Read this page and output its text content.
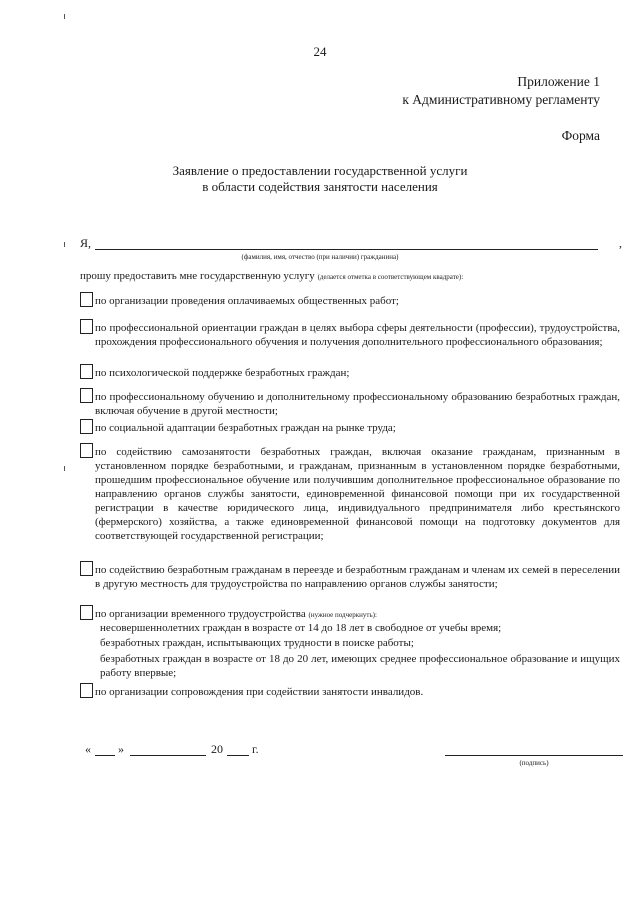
24
Приложение 1
к Административному регламенту
Форма
Заявление о предоставлении государственной услуги
в области содействия занятости населения
Я,	,
(фамилия, имя, отчество (при наличии) гражданина)
прошу предоставить мне государственную услугу (делается отметка в соответствующем квадрате):
по организации проведения оплачиваемых общественных работ;
по профессиональной ориентации граждан в целях выбора сферы деятельности (профессии), трудоустройства, прохождения профессионального обучения и получения дополнительного профессионального образования;
по психологической поддержке безработных граждан;
по профессиональному обучению и дополнительному профессиональному образованию безработных граждан, включая обучение в другой местности;
по социальной адаптации безработных граждан на рынке труда;
по содействию самозанятости безработных граждан, включая оказание гражданам, признанным в установленном порядке безработными, и гражданам, признанным в установленном порядке безработными, прошедшим профессиональное обучение или получившим дополнительное профессиональное образование по направлению органов службы занятости, единовременной финансовой помощи при их государственной регистрации в качестве юридического лица, индивидуального предпринимателя либо крестьянского (фермерского) хозяйства, а также единовременной финансовой помощи на подготовку документов для соответствующей государственной регистрации;
по содействию безработным гражданам в переезде и безработным гражданам и членам их семей в переселении в другую местность для трудоустройства по направлению органов службы занятости;
по организации временного трудоустройства (нужное подчеркнуть):
несовершеннолетних граждан в возрасте от 14 до 18 лет в свободное от учебы время;
безработных граждан, испытывающих трудности в поиске работы;
безработных граждан в возрасте от 18 до 20 лет, имеющих среднее профессиональное образование и ищущих работу впервые;
по организации сопровождения при содействии занятости инвалидов.
« »	20 г.
(подпись)
